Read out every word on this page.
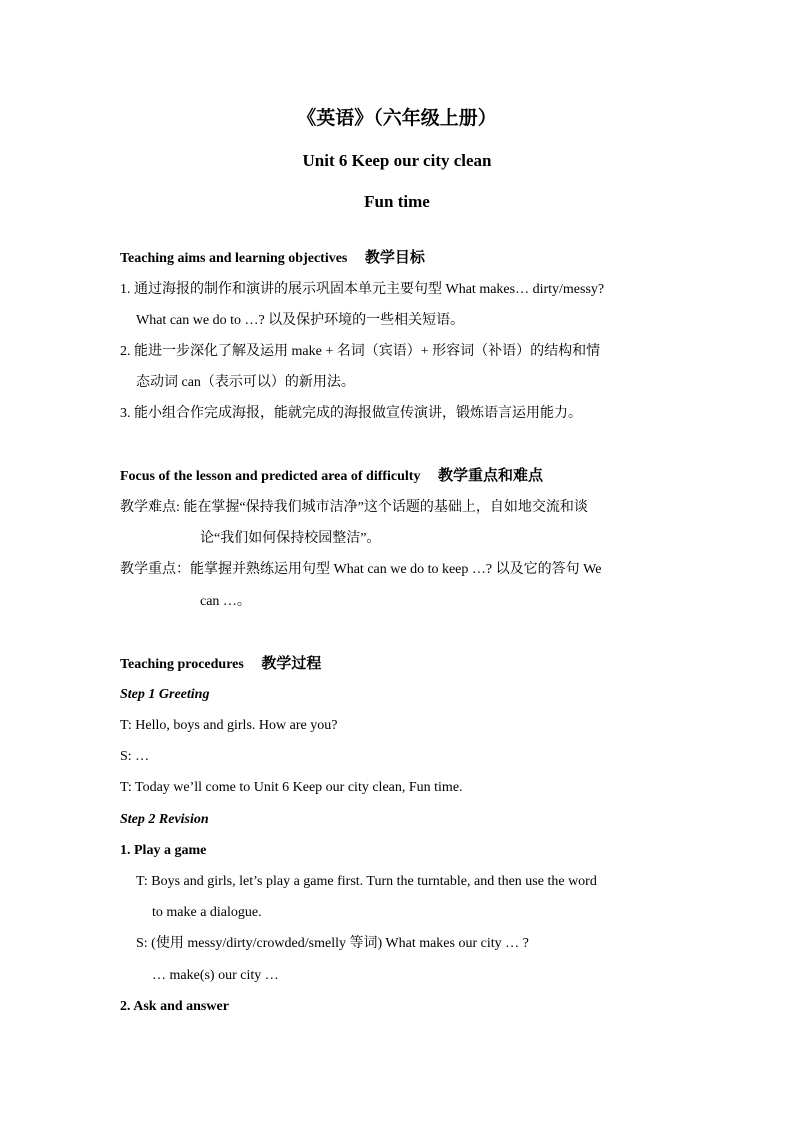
《英语》（六年级上册）
Unit 6 Keep our city clean
Fun time
Teaching aims and learning objectives 教学目标
1. 通过海报的制作和演讲的展示巩固本单元主要句型 What makes… dirty/messy?
What can we do to …? 以及保护环境的一些相关短语。
2. 能进一步深化了解及运用 make + 名词（宾语）+ 形容词（补语）的结构和情
态动词 can（表示可以）的新用法。
3. 能小组合作完成海报，能就完成的海报做宣传演讲，锻炼语言运用能力。
Focus of the lesson and predicted area of difficulty 教学重点和难点
教学难点: 能在掌握“保持我们城市洁净”这个话题的基础上，自如地交流和谈
论“我们如何保持校园整洁”。
教学重点：能掌握并熟练运用句型 What can we do to keep …? 以及它的答句 We
can …。
Teaching procedures 教学过程
Step 1 Greeting
T: Hello, boys and girls. How are you?
S: …
T: Today we’ll come to Unit 6 Keep our city clean, Fun time.
Step 2 Revision
1. Play a game
T: Boys and girls, let’s play a game first. Turn the turntable, and then use the word
to make a dialogue.
S: (使用 messy/dirty/crowded/smelly 等词) What makes our city … ?
… make(s) our city …
2. Ask and answer
